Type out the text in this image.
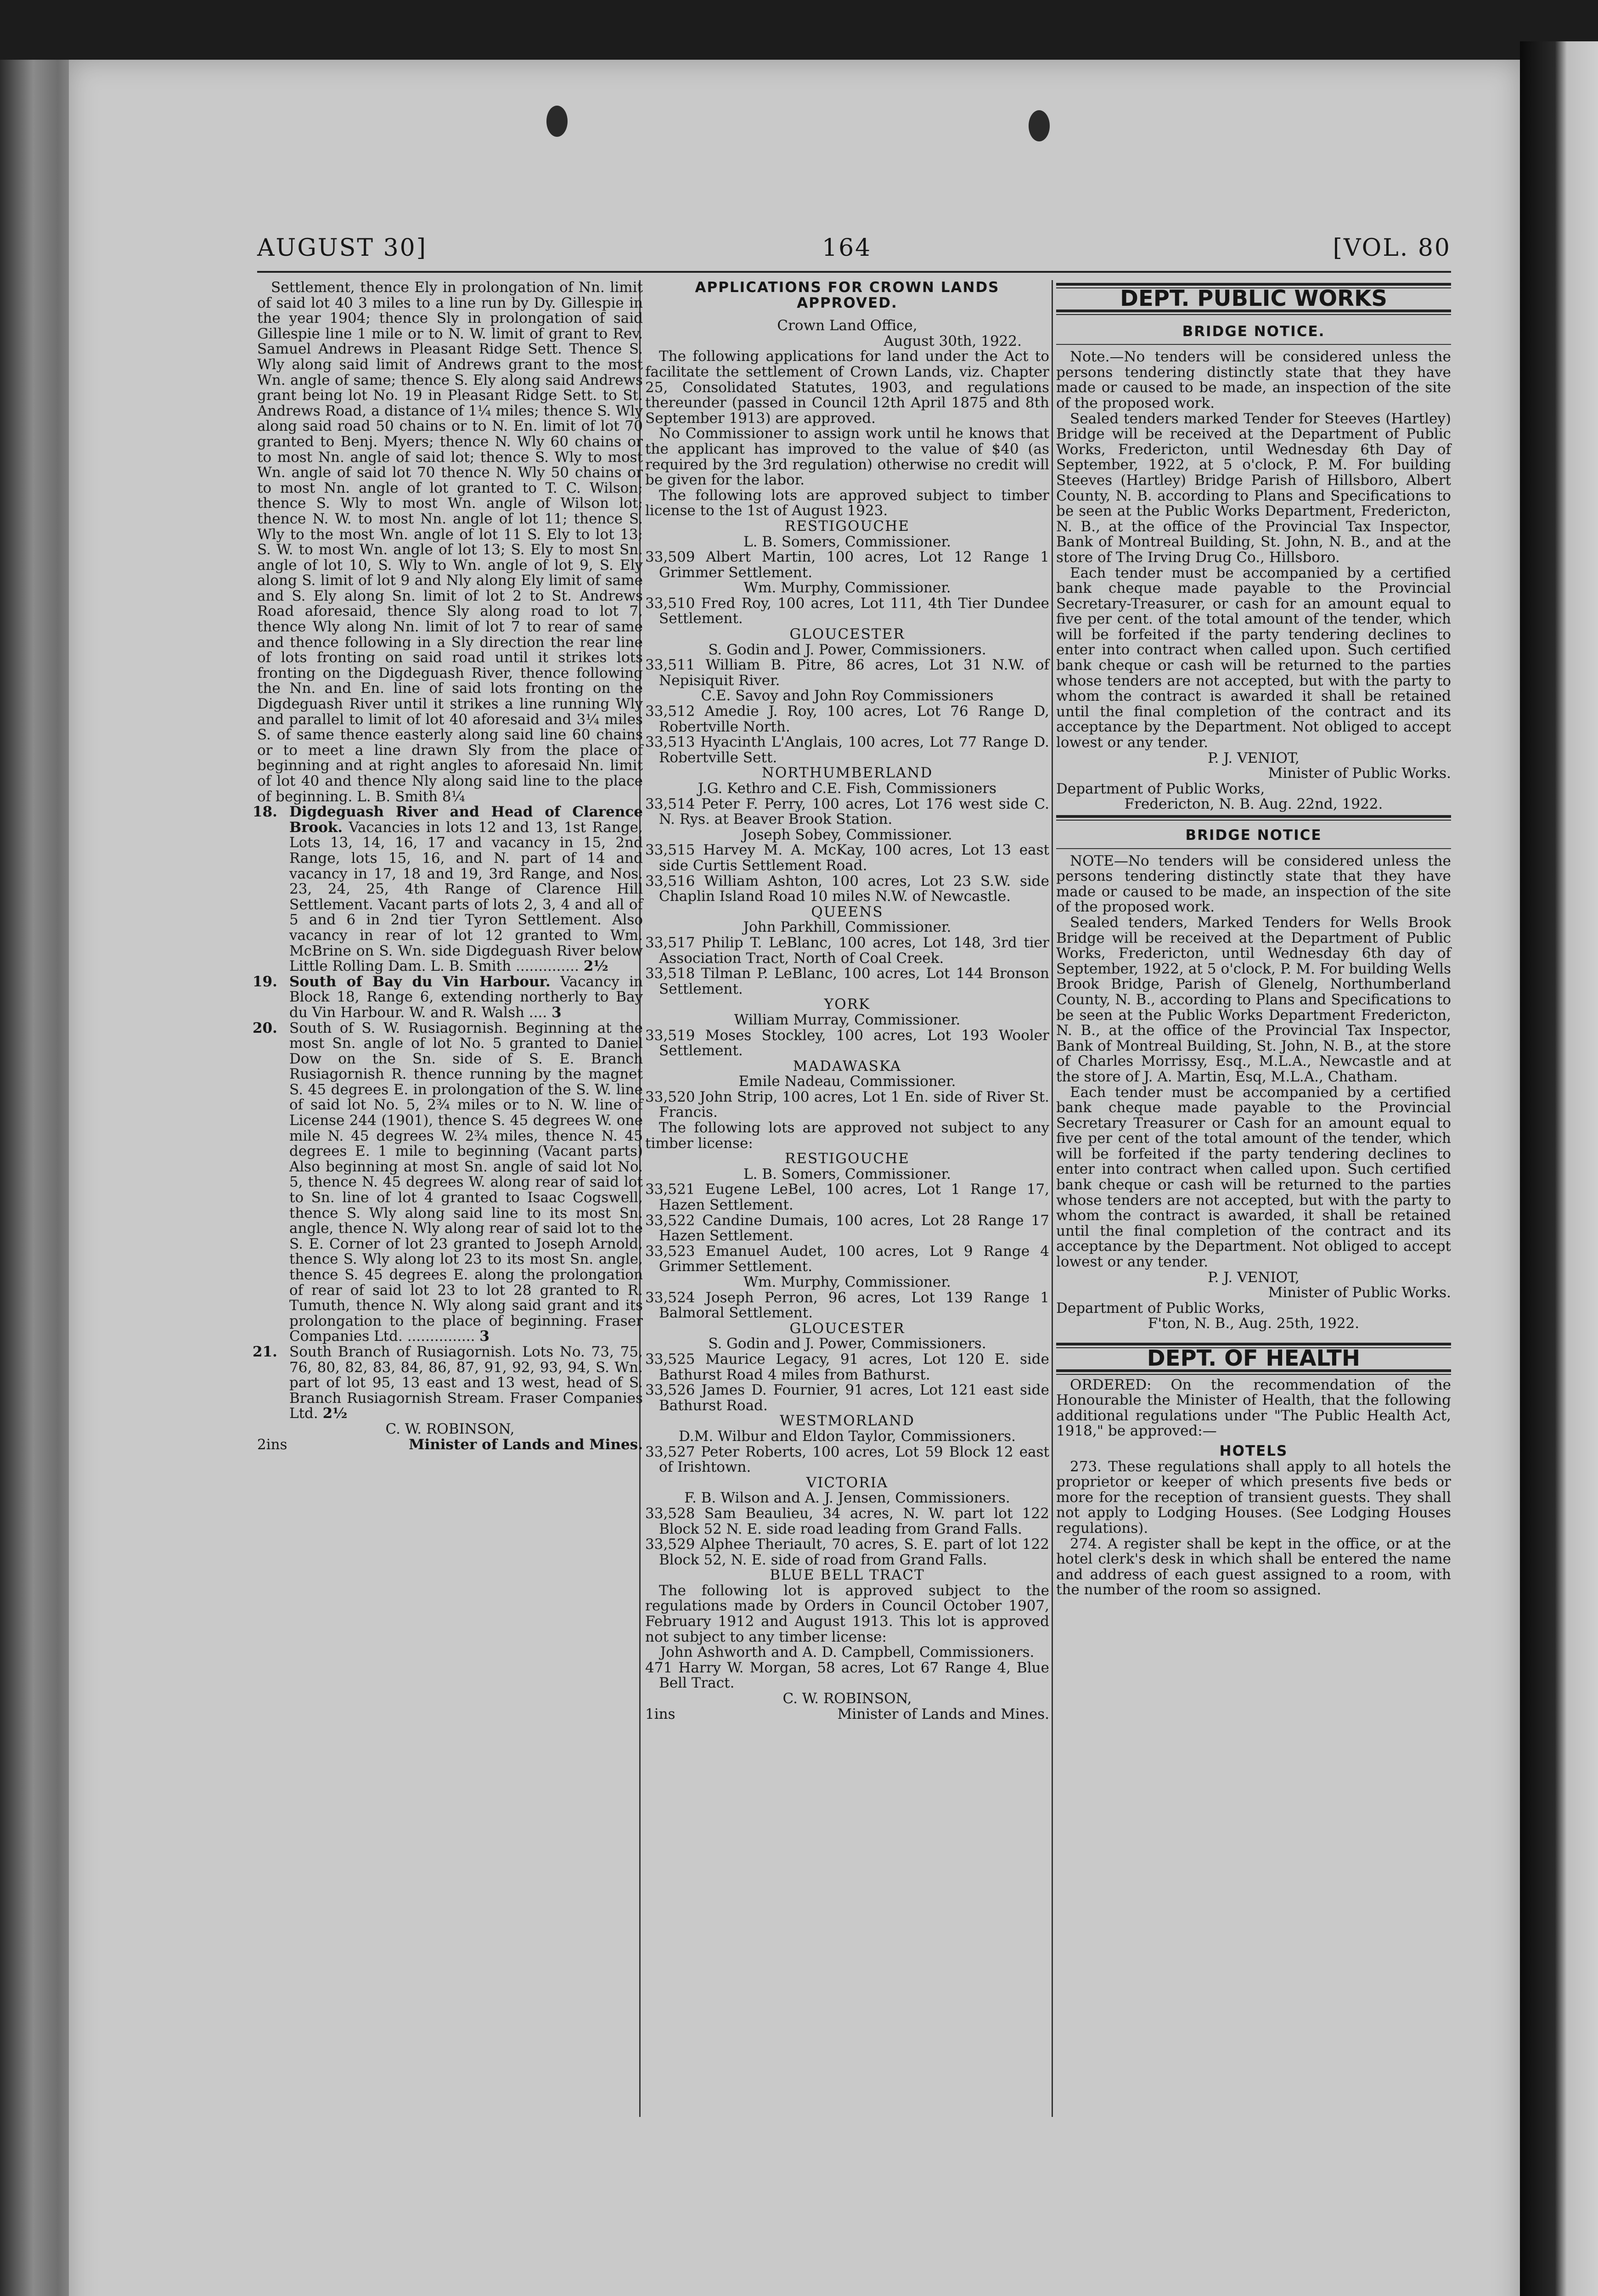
AUGUST 30]	164	[VOL. 80

Settlement, thence Ely in prolongation of Nn. limit of said lot 40 3 miles to a line run by Dy. Gillespie in the year 1904; thence Sly in prolongation of said Gillespie line 1 mile or to N. W. limit of grant to Rev. Samuel Andrews in Pleasant Ridge Sett. Thence S. Wly along said limit of Andrews grant to the most Wn. angle of same; thence S. Ely along said Andrews grant being lot No. 19 in Pleasant Ridge Sett. to St. Andrews Road, a distance of 1¼ miles; thence S. Wly along said road 50 chains or to N. En. limit of lot 70 granted to Benj. Myers; thence N. Wly 60 chains or to most Nn. angle of said lot; thence S. Wly to most Wn. angle of said lot 70 thence N. Wly 50 chains or to most Nn. angle of lot granted to T. C. Wilson; thence S. Wly to most Wn. angle of Wilson lot; thence N. W. to most Nn. angle of lot 11; thence S. Wly to the most Wn. angle of lot 11 S. Ely to lot 13; S. W. to most Wn. angle of lot 13; S. Ely to most Sn. angle of lot 10, S. Wly to Wn. angle of lot 9, S. Ely along S. limit of lot 9 and Nly along Ely limit of same and S. Ely along Sn. limit of lot 2 to St. Andrews Road aforesaid, thence Sly along road to lot 7, thence Wly along Nn. limit of lot 7 to rear of same and thence following in a Sly direction the rear line of lots fronting on said road until it strikes lots fronting on the Digdeguash River, thence following the Nn. and En. line of said lots fronting on the Digdeguash River until it strikes a line running Wly and parallel to limit of lot 40 aforesaid and 3¼ miles S. of same thence easterly along said line 60 chains or to meet a line drawn Sly from the place of beginning and at right angles to aforesaid Nn. limit of lot 40 and thence Nly along said line to the place of beginning. L. B. Smith 8¼

18. Digdeguash River and Head of Clarence Brook. Vacancies in lots 12 and 13, 1st Range, Lots 13, 14, 16, 17 and vacancy in 15, 2nd Range, lots 15, 16, and N. part of 14 and vacancy in 17, 18 and 19, 3rd Range, and Nos. 23, 24, 25, 4th Range of Clarence Hill Settlement. Vacant parts of lots 2, 3, 4 and all of 5 and 6 in 2nd tier Tyron Settlement. Also vacancy in rear of lot 12 granted to Wm. McBrine on S. Wn. side Digdeguash River below Little Rolling Dam. L. B. Smith .............. 2½

19. South of Bay du Vin Harbour. Vacancy in Block 18, Range 6, extending northerly to Bay du Vin Harbour. W. and R. Walsh .... 3

20. South of S. W. Rusiagornish. Beginning at the most Sn. angle of lot No. 5 granted to Daniel Dow on the Sn. side of S. E. Branch Rusiagornish R. thence running by the magnet S. 45 degrees E. in prolongation of the S. W. line of said lot No. 5, 2¾ miles or to N. W. line of License 244 (1901), thence S. 45 degrees W. one mile N. 45 degrees W. 2¾ miles, thence N. 45 degrees E. 1 mile to beginning (Vacant parts) Also beginning at most Sn. angle of said lot No. 5, thence N. 45 degrees W. along rear of said lot to Sn. line of lot 4 granted to Isaac Cogswell, thence S. Wly along said line to its most Sn. angle, thence N. Wly along rear of said lot to the S. E. Corner of lot 23 granted to Joseph Arnold, thence S. Wly along lot 23 to its most Sn. angle, thence S. 45 degrees E. along the prolongation of rear of said lot 23 to lot 28 granted to R. Tumuth, thence N. Wly along said grant and its prolongation to the place of beginning. Fraser Companies Ltd. ............... 3

21. South Branch of Rusiagornish. Lots No. 73, 75, 76, 80, 82, 83, 84, 86, 87, 91, 92, 93, 94, S. Wn. part of lot 95, 13 east and 13 west, head of S. Branch Rusiagornish Stream. Fraser Companies Ltd. 2½

C. W. ROBINSON,

2ins	Minister of Lands and Mines.

APPLICATIONS FOR CROWN LANDS APPROVED.

Crown Land Office,

August 30th, 1922.

The following applications for land under the Act to facilitate the settlement of Crown Lands, viz. Chapter 25, Consolidated Statutes, 1903, and regulations thereunder (passed in Council 12th April 1875 and 8th September 1913) are approved.

No Commissioner to assign work until he knows that the applicant has improved to the value of $40 (as required by the 3rd regulation) otherwise no credit will be given for the labor.

The following lots are approved subject to timber license to the 1st of August 1923.

RESTIGOUCHE

L. B. Somers, Commissioner.

33,509 Albert Martin, 100 acres, Lot 12 Range 1 Grimmer Settlement.

Wm. Murphy, Commissioner.

33,510 Fred Roy, 100 acres, Lot 111, 4th Tier Dundee Settlement.

GLOUCESTER

S. Godin and J. Power, Commissioners.

33,511 William B. Pitre, 86 acres, Lot 31 N.W. of Nepisiquit River.

C.E. Savoy and John Roy Commissioners

33,512 Amedie J. Roy, 100 acres, Lot 76 Range D, Robertville North.

33,513 Hyacinth L'Anglais, 100 acres, Lot 77 Range D. Robertville Sett.

NORTHUMBERLAND

J.G. Kethro and C.E. Fish, Commissioners

33,514 Peter F. Perry, 100 acres, Lot 176 west side C. N. Rys. at Beaver Brook Station.

Joseph Sobey, Commissioner.

33,515 Harvey M. A. McKay, 100 acres, Lot 13 east side Curtis Settlement Road.

33,516 William Ashton, 100 acres, Lot 23 S.W. side Chaplin Island Road 10 miles N.W. of Newcastle.

QUEENS

John Parkhill, Commissioner.

33,517 Philip T. LeBlanc, 100 acres, Lot 148, 3rd tier Association Tract, North of Coal Creek.

33,518 Tilman P. LeBlanc, 100 acres, Lot 144 Bronson Settlement.

YORK

William Murray, Commissioner.

33,519 Moses Stockley, 100 acres, Lot 193 Wooler Settlement.

MADAWASKA

Emile Nadeau, Commissioner.

33,520 John Strip, 100 acres, Lot 1 En. side of River St. Francis.

The following lots are approved not subject to any timber license:

RESTIGOUCHE

L. B. Somers, Commissioner.

33,521 Eugene LeBel, 100 acres, Lot 1 Range 17, Hazen Settlement.

33,522 Candine Dumais, 100 acres, Lot 28 Range 17 Hazen Settlement.

33,523 Emanuel Audet, 100 acres, Lot 9 Range 4 Grimmer Settlement.

Wm. Murphy, Commissioner.

33,524 Joseph Perron, 96 acres, Lot 139 Range 1 Balmoral Settlement.

GLOUCESTER

S. Godin and J. Power, Commissioners.

33,525 Maurice Legacy, 91 acres, Lot 120 E. side Bathurst Road 4 miles from Bathurst.

33,526 James D. Fournier, 91 acres, Lot 121 east side Bathurst Road.

WESTMORLAND

D.M. Wilbur and Eldon Taylor, Commissioners.

33,527 Peter Roberts, 100 acres, Lot 59 Block 12 east of Irishtown.

VICTORIA

F. B. Wilson and A. J. Jensen, Commissioners.

33,528 Sam Beaulieu, 34 acres, N. W. part lot 122 Block 52 N. E. side road leading from Grand Falls.

33,529 Alphee Theriault, 70 acres, S. E. part of lot 122 Block 52, N. E. side of road from Grand Falls.

BLUE BELL TRACT

The following lot is approved subject to the regulations made by Orders in Council October 1907, February 1912 and August 1913. This lot is approved not subject to any timber license:

John Ashworth and A. D. Campbell, Commissioners.

471 Harry W. Morgan, 58 acres, Lot 67 Range 4, Blue Bell Tract.

C. W. ROBINSON,

1ins	Minister of Lands and Mines.

DEPT. PUBLIC WORKS

BRIDGE NOTICE.

Note.—No tenders will be considered unless the persons tendering distinctly state that they have made or caused to be made, an inspection of the site of the proposed work.

Sealed tenders marked Tender for Steeves (Hartley) Bridge will be received at the Department of Public Works, Fredericton, until Wednesday 6th Day of September, 1922, at 5 o'clock, P. M. For building Steeves (Hartley) Bridge Parish of Hillsboro, Albert County, N. B. according to Plans and Specifications to be seen at the Public Works Department, Fredericton, N. B., at the office of the Provincial Tax Inspector, Bank of Montreal Building, St. John, N. B., and at the store of The Irving Drug Co., Hillsboro.

Each tender must be accompanied by a certified bank cheque made payable to the Provincial Secretary-Treasurer, or cash for an amount equal to five per cent. of the total amount of the tender, which will be forfeited if the party tendering declines to enter into contract when called upon. Such certified bank cheque or cash will be returned to the parties whose tenders are not accepted, but with the party to whom the contract is awarded it shall be retained until the final completion of the contract and its acceptance by the Department. Not obliged to accept lowest or any tender.

P. J. VENIOT,

Minister of Public Works.

Department of Public Works,

Fredericton, N. B. Aug. 22nd, 1922.

BRIDGE NOTICE

NOTE—No tenders will be considered unless the persons tendering distinctly state that they have made or caused to be made, an inspection of the site of the proposed work.

Sealed tenders, Marked Tenders for Wells Brook Bridge will be received at the Department of Public Works, Fredericton, until Wednesday 6th day of September, 1922, at 5 o'clock, P. M. For building Wells Brook Bridge, Parish of Glenelg, Northumberland County, N. B., according to Plans and Specifications to be seen at the Public Works Department Fredericton, N. B., at the office of the Provincial Tax Inspector, Bank of Montreal Building, St. John, N. B., at the store of Charles Morrissy, Esq., M.L.A., Newcastle and at the store of J. A. Martin, Esq, M.L.A., Chatham.

Each tender must be accompanied by a certified bank cheque made payable to the Provincial Secretary Treasurer or Cash for an amount equal to five per cent of the total amount of the tender, which will be forfeited if the party tendering declines to enter into contract when called upon. Such certified bank cheque or cash will be returned to the parties whose tenders are not accepted, but with the party to whom the contract is awarded, it shall be retained until the final completion of the contract and its acceptance by the Department. Not obliged to accept lowest or any tender.

P. J. VENIOT,

Minister of Public Works.

Department of Public Works,

F'ton, N. B., Aug. 25th, 1922.

DEPT. OF HEALTH

ORDERED: On the recommendation of the Honourable the Minister of Health, that the following additional regulations under "The Public Health Act, 1918," be approved:—

HOTELS

273. These regulations shall apply to all hotels the proprietor or keeper of which presents five beds or more for the reception of transient guests. They shall not apply to Lodging Houses. (See Lodging Houses regulations).

274. A register shall be kept in the office, or at the hotel clerk's desk in which shall be entered the name and address of each guest assigned to a room, with the number of the room so assigned.
